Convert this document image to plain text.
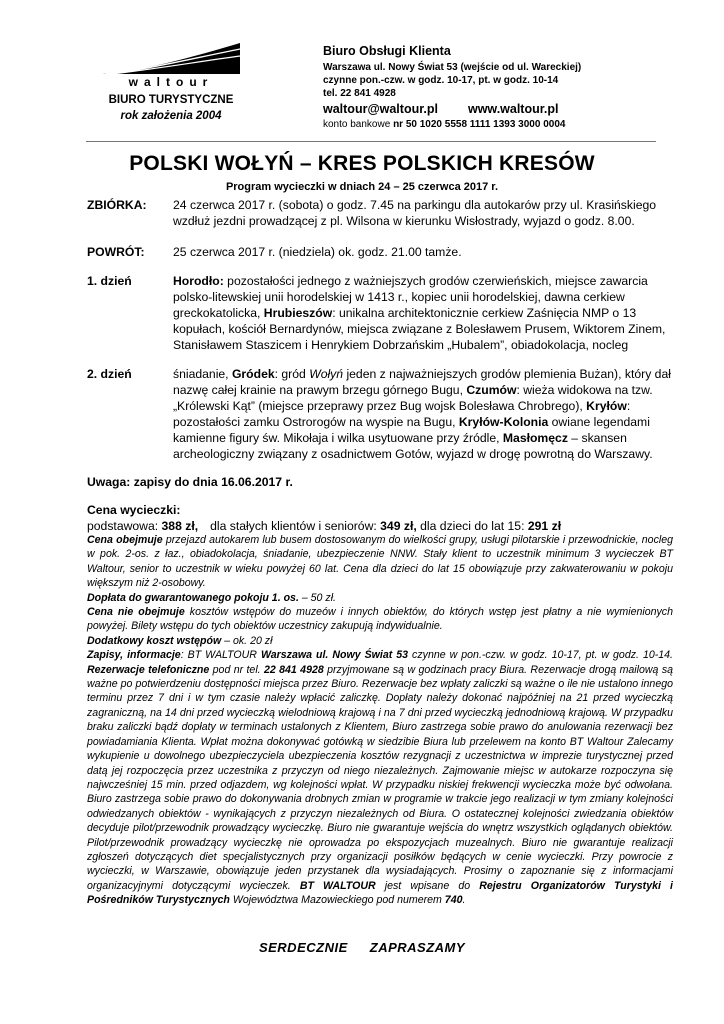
waltour
BIURO TURYSTYCZNE
rok założenia 2004
Biuro Obsługi Klienta
Warszawa ul. Nowy Świat 53 (wejście od ul. Wareckiej)
czynne pon.-czw. w godz. 10-17, pt. w godz. 10-14
tel. 22 841 4928
waltour@waltour.pl www.waltour.pl
konto bankowe nr 50 1020 5558 1111 1393 3000 0004
POLSKI WOŁYŃ – KRES POLSKICH KRESÓW
Program wycieczki w dniach 24 – 25 czerwca 2017 r.
ZBIÓRKA: 24 czerwca 2017 r. (sobota) o godz. 7.45 na parkingu dla autokarów przy ul. Krasińskiego wzdłuż jezdni prowadzącej z pl. Wilsona w kierunku Wisłostrady, wyjazd o godz. 8.00.
POWRÓT: 25 czerwca 2017 r. (niedziela) ok. godz. 21.00 tamże.
1. dzień	Horodło: pozostałości jednego z ważniejszych grodów czerwieńskich, miejsce zawarcia polsko-litewskiej unii horodelskiej w 1413 r., kopiec unii horodelskiej, dawna cerkiew greckokatolicka, Hrubieszów: unikalna architektonicznie cerkiew Zaśnięcia NMP o 13 kopułach, kościół Bernardynów, miejsca związane z Bolesławem Prusem, Wiktorem Zinem, Stanisławem Staszicem i Henrykiem Dobrzańskim „Hubalem”, obiadokolacja, nocleg
2. dzień	śniadanie, Gródek: gród Wołyń jeden z najważniejszych grodów plemienia Bużan), który dał nazwę całej krainie na prawym brzegu górnego Bugu, Czumów: wieża widokowa na tzw. „Królewski Kąt” (miejsce przeprawy przez Bug wojsk Bolesława Chrobrego), Kryłów: pozostałości zamku Ostrorogów na wyspie na Bugu, Kryłów-Kolonia owiane legendami kamienne figury św. Mikołaja i wilka usytuowane przy źródle, Masłomęcz – skansen archeologiczny związany z osadnictwem Gotów, wyjazd w drogę powrotną do Warszawy.
Uwaga: zapisy do dnia 16.06.2017 r.
Cena wycieczki:
podstawowa: 388 zł, dla stałych klientów i seniorów: 349 zł, dla dzieci do lat 15: 291 zł

Cena obejmuje przejazd autokarem lub busem dostosowanym do wielkości grupy, usługi pilotarskie i przewodnickie, nocleg w pok. 2-os. z łaz., obiadokolacja, śniadanie, ubezpieczenie NNW. Stały klient to uczestnik minimum 3 wycieczek BT Waltour, senior to uczestnik w wieku powyżej 60 lat. Cena dla dzieci do lat 15 obowiązuje przy zakwaterowaniu w pokoju większym niż 2-osobowy.

Dopłata do gwarantowanego pokoju 1. os. – 50 zł.

Cena nie obejmuje kosztów wstępów do muzeów i innych obiektów, do których wstęp jest płatny a nie wymienionych powyżej. Bilety wstępu do tych obiektów uczestnicy zakupują indywidualnie.

Dodatkowy koszt wstępów – ok. 20 zł

Zapisy, informacje: BT WALTOUR Warszawa ul. Nowy Świat 53 czynne w pon.-czw. w godz. 10-17, pt. w godz. 10-14. Rezerwacje telefoniczne pod nr tel. 22 841 4928 przyjmowane są w godzinach pracy Biura. Rezerwacje drogą mailową są ważne po potwierdzeniu dostępności miejsca przez Biuro. Rezerwacje bez wpłaty zaliczki są ważne o ile nie ustalono innego terminu przez 7 dni i w tym czasie należy wpłacić zaliczkę. Dopłaty należy dokonać najpóźniej na 21 przed wycieczką zagraniczną, na 14 dni przed wycieczką wielodniową krajową i na 7 dni przed wycieczką jednodniową krajową. W przypadku braku zaliczki bądź dopłaty w terminach ustalonych z Klientem, Biuro zastrzega sobie prawo do anulowania rezerwacji bez powiadamiania Klienta. Wpłat można dokonywać gotówką w siedzibie Biura lub przelewem na konto BT Waltour Zalecamy wykupienie u dowolnego ubezpieczyciela ubezpieczenia kosztów rezygnacji z uczestnictwa w imprezie turystycznej przed datą jej rozpoczęcia przez uczestnika z przyczyn od niego niezależnych. Zajmowanie miejsc w autokarze rozpoczyna się najwcześniej 15 min. przed odjazdem, wg kolejności wpłat. W przypadku niskiej frekwencji wycieczka może być odwołana. Biuro zastrzega sobie prawo do dokonywania drobnych zmian w programie w trakcie jego realizacji w tym zmiany kolejności odwiedzanych obiektów - wynikających z przyczyn niezależnych od Biura. O ostatecznej kolejności zwiedzania obiektów decyduje pilot/przewodnik prowadzący wycieczkę. Biuro nie gwarantuje wejścia do wnętrz wszystkich oglądanych obiektów. Pilot/przewodnik prowadzący wycieczkę nie oprowadza po ekspozycjach muzealnych. Biuro nie gwarantuje realizacji zgłoszeń dotyczących diet specjalistycznych przy organizacji posiłków będących w cenie wycieczki. Przy powrocie z wycieczki, w Warszawie, obowiązuje jeden przystanek dla wysiadających. Prosimy o zapoznanie się z informacjami organizacyjnymi dotyczącymi wycieczek. BT WALTOUR jest wpisane do Rejestru Organizatorów Turystyki i Pośredników Turystycznych Województwa Mazowieckiego pod numerem 740.

SERDECZNIE ZAPRASZAMY
